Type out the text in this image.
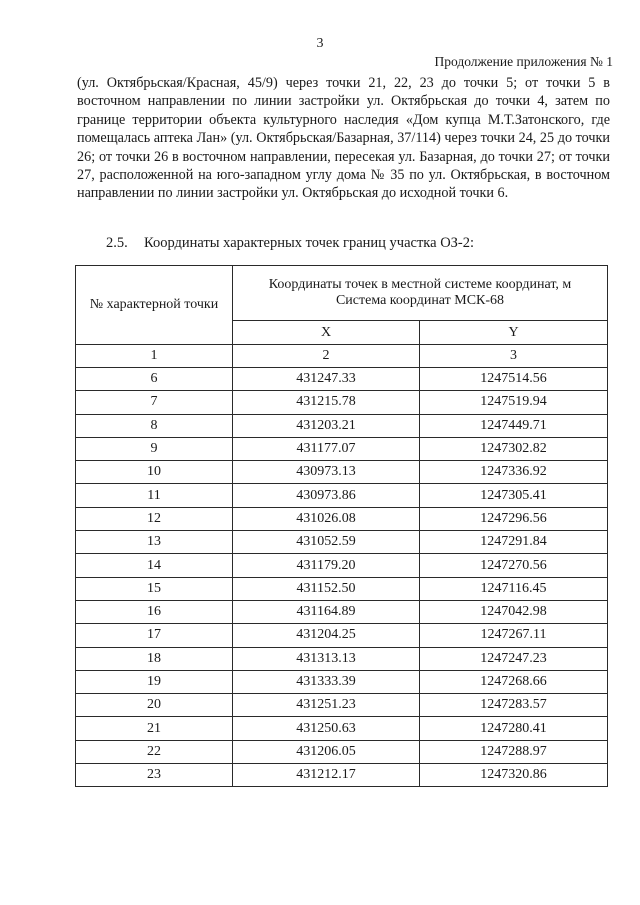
3
Продолжение приложения № 1

(ул. Октябрьская/Красная, 45/9) через точки 21, 22, 23 до точки 5; от точки 5 в восточном направлении по линии застройки ул. Октябрьская до точки 4, затем по границе территории объекта культурного наследия «Дом купца М.Т.Затонского, где помещалась аптека Лан» (ул. Октябрьская/Базарная, 37/114) через точки 24, 25 до точки 26; от точки 26 в восточном направлении, пересекая ул. Базарная, до точки 27; от точки 27, расположенной на юго-западном углу дома № 35 по ул. Октябрьская, в восточном направлении по линии застройки ул. Октябрьская до исходной точки 6.

2.5. Координаты характерных точек границ участка ОЗ-2:
№ характерной точки	Координаты точек в местной системе координат, м
Система координат МСК-68	

	X	Y
1	2	3
6	431247.33	1247514.56
7	431215.78	1247519.94
8	431203.21	1247449.71
9	431177.07	1247302.82
10	430973.13	1247336.92
11	430973.86	1247305.41
12	431026.08	1247296.56
13	431052.59	1247291.84
14	431179.20	1247270.56
15	431152.50	1247116.45
16	431164.89	1247042.98
17	431204.25	1247267.11
18	431313.13	1247247.23
19	431333.39	1247268.66
20	431251.23	1247283.57
21	431250.63	1247280.41
22	431206.05	1247288.97
23	431212.17	1247320.86
